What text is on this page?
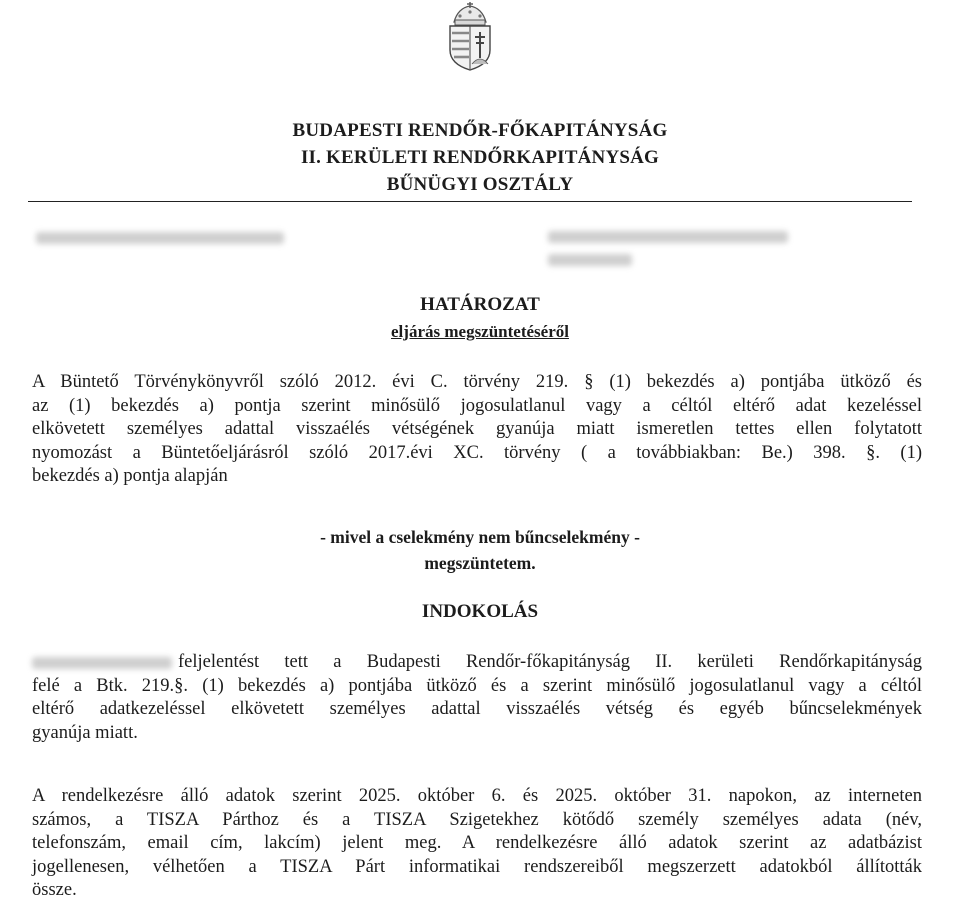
BUDAPESTI RENDŐR-FŐKAPITÁNYSÁG
II. KERÜLETI RENDŐRKAPITÁNYSÁG
BŰNÜGYI OSZTÁLY
HATÁROZAT
eljárás megszüntetéséről
A Büntető Törvénykönyvről szóló 2012. évi C. törvény 219. § (1) bekezdés a) pontjába ütköző és
az (1) bekezdés a) pontja szerint minősülő jogosulatlanul vagy a céltól eltérő adat kezeléssel
elkövetett személyes adattal visszaélés vétségének gyanúja miatt ismeretlen tettes ellen folytatott
nyomozást a Büntetőeljárásról szóló 2017.évi XC. törvény ( a továbbiakban: Be.) 398. §. (1)
bekezdés a) pontja alapján
- mivel a cselekmény nem bűncselekmény -
megszüntetem.
INDOKOLÁS
feljelentést tett a Budapesti Rendőr-főkapitányság II. kerületi Rendőrkapitányság
felé a Btk. 219.§. (1) bekezdés a) pontjába ütköző és a szerint minősülő jogosulatlanul vagy a céltól
eltérő adatkezeléssel elkövetett személyes adattal visszaélés vétség és egyéb bűncselekmények
gyanúja miatt.
A rendelkezésre álló adatok szerint 2025. október 6. és 2025. október 31. napokon, az interneten
számos, a TISZA Párthoz és a TISZA Szigetekhez kötődő személy személyes adata (név,
telefonszám, email cím, lakcím) jelent meg. A rendelkezésre álló adatok szerint az adatbázist
jogellenesen, vélhetően a TISZA Párt informatikai rendszereiből megszerzett adatokból állították
össze.
